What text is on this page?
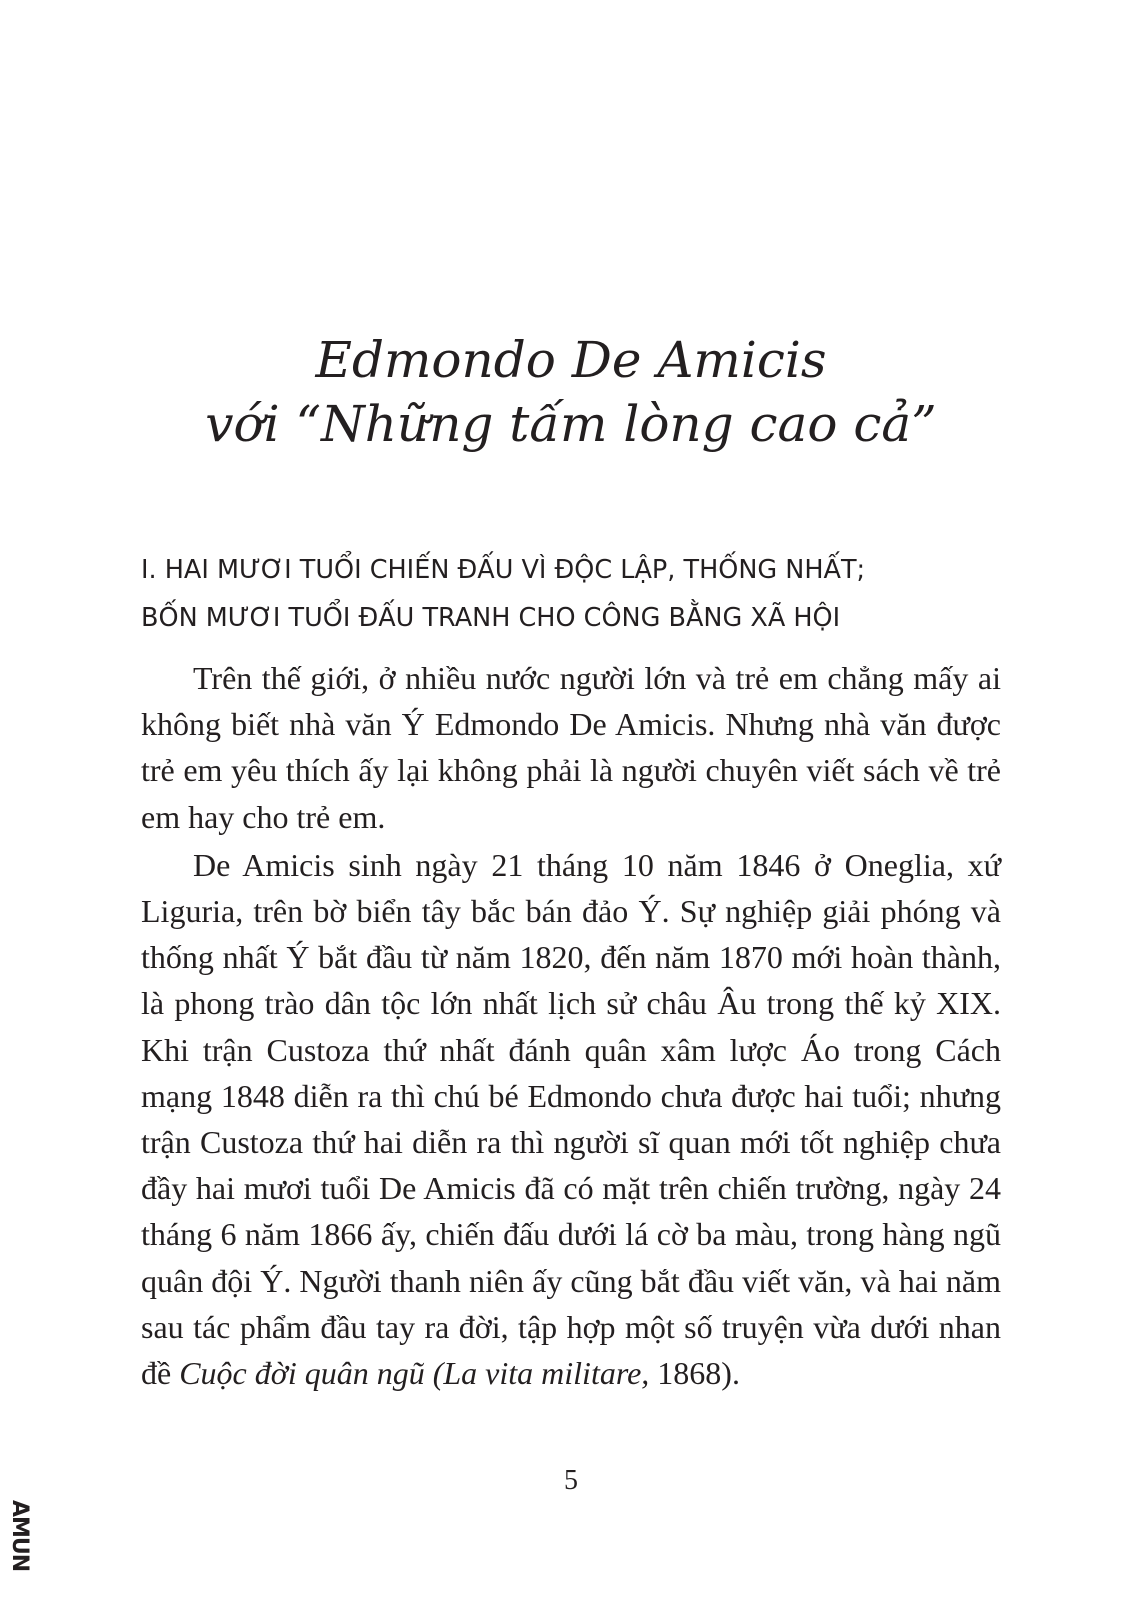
Edmondo De Amicis
với “Những tấm lòng cao cả”
I. HAI MƯƠI TUỔI CHIẾN ĐẤU VÌ ĐỘC LẬP, THỐNG NHẤT;
BỐN MƯƠI TUỔI ĐẤU TRANH CHO CÔNG BẰNG XÃ HỘI

Trên thế giới, ở nhiều nước người lớn và trẻ em chẳng mấy ai không biết nhà văn Ý Edmondo De Amicis. Nhưng nhà văn được trẻ em yêu thích ấy lại không phải là người chuyên viết sách về trẻ em hay cho trẻ em.

De Amicis sinh ngày 21 tháng 10 năm 1846 ở Oneglia, xứ Liguria, trên bờ biển tây bắc bán đảo Ý. Sự nghiệp giải phóng và thống nhất Ý bắt đầu từ năm 1820, đến năm 1870 mới hoàn thành, là phong trào dân tộc lớn nhất lịch sử châu Âu trong thế kỷ XIX. Khi trận Custoza thứ nhất đánh quân xâm lược Áo trong Cách mạng 1848 diễn ra thì chú bé Edmondo chưa được hai tuổi; nhưng trận Custoza thứ hai diễn ra thì người sĩ quan mới tốt nghiệp chưa đầy hai mươi tuổi De Amicis đã có mặt trên chiến trường, ngày 24 tháng 6 năm 1866 ấy, chiến đấu dưới lá cờ ba màu, trong hàng ngũ quân đội Ý. Người thanh niên ấy cũng bắt đầu viết văn, và hai năm sau tác phẩm đầu tay ra đời, tập hợp một số truyện vừa dưới nhan đề Cuộc đời quân ngũ (La vita militare, 1868).

5
AMUN
